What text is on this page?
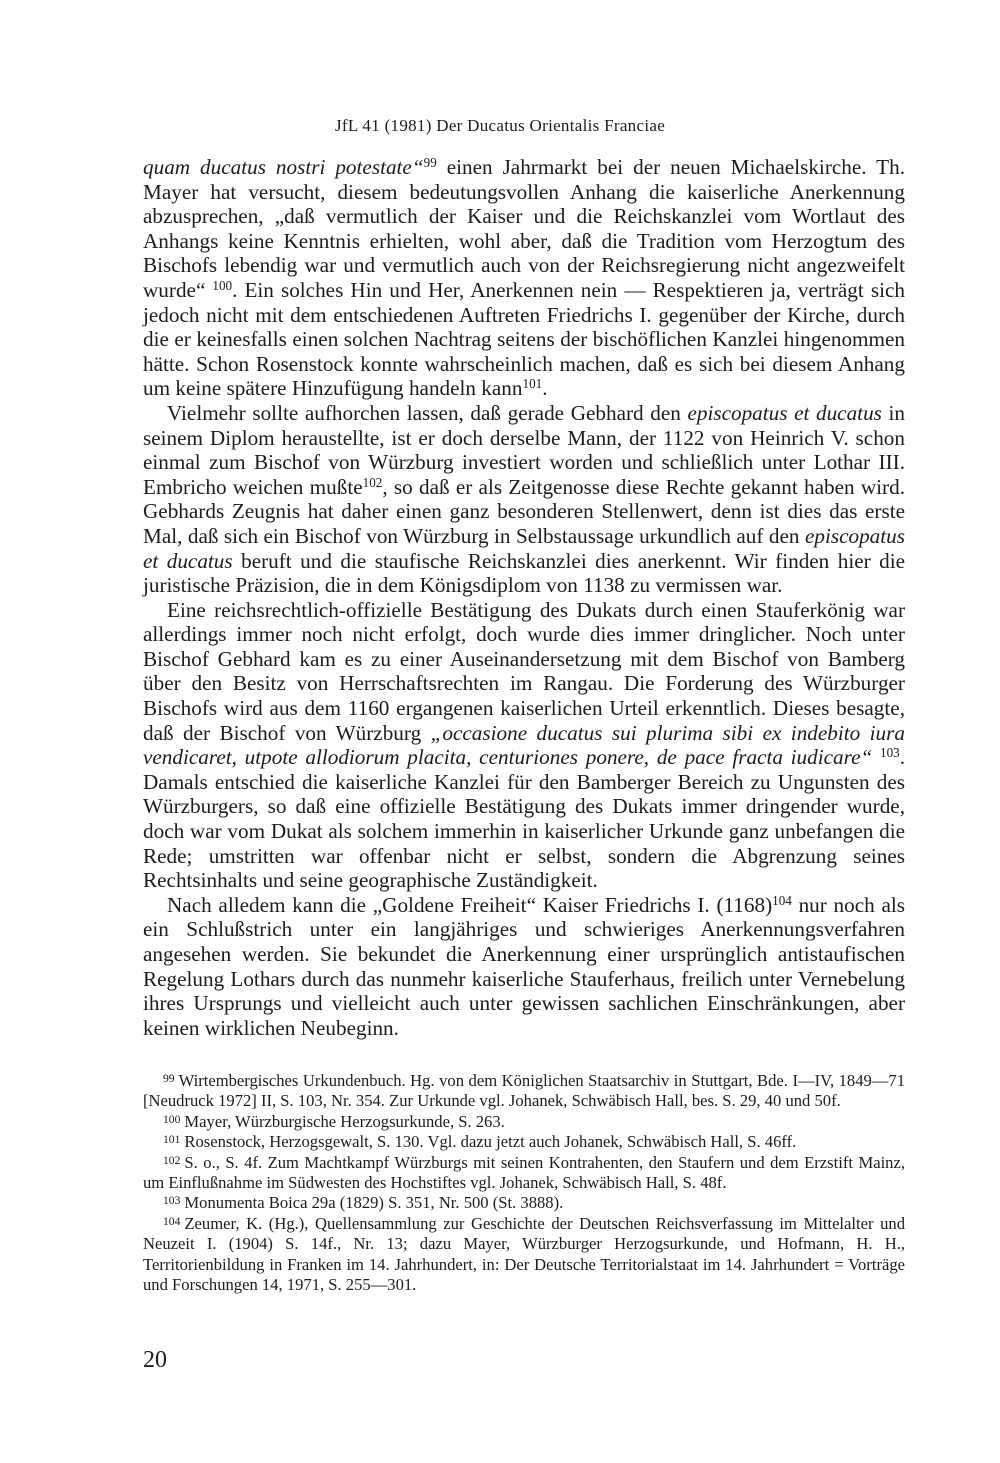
JfL 41 (1981) Der Ducatus Orientalis Franciae

quam ducatus nostri potestate“$^{99}$ einen Jahrmarkt bei der neuen Michaelskirche. Th. Mayer hat versucht, diesem bedeutungsvollen Anhang die kaiserliche Anerkennung abzusprechen, „daß vermutlich der Kaiser und die Reichskanzlei vom Wortlaut des Anhangs keine Kenntnis erhielten, wohl aber, daß die Tradition vom Herzogtum des Bischofs lebendig war und vermutlich auch von der Reichsregierung nicht angezweifelt wurde“ $^{100}$. Ein solches Hin und Her, Anerkennen nein — Respektieren ja, verträgt sich jedoch nicht mit dem entschiedenen Auftreten Friedrichs I. gegenüber der Kirche, durch die er keinesfalls einen solchen Nachtrag seitens der bischöflichen Kanzlei hingenommen hätte. Schon Rosenstock konnte wahrscheinlich machen, daß es sich bei diesem Anhang um keine spätere Hinzufügung handeln kann$^{101}$.

Vielmehr sollte aufhorchen lassen, daß gerade Gebhard den episcopatus et ducatus in seinem Diplom heraustellte, ist er doch derselbe Mann, der 1122 von Heinrich V. schon einmal zum Bischof von Würzburg investiert worden und schließlich unter Lothar III. Embricho weichen mußte$^{102}$, so daß er als Zeitgenosse diese Rechte gekannt haben wird. Gebhards Zeugnis hat daher einen ganz besonderen Stellenwert, denn ist dies das erste Mal, daß sich ein Bischof von Würzburg in Selbstaussage urkundlich auf den episcopatus et ducatus beruft und die staufische Reichskanzlei dies anerkennt. Wir finden hier die juristische Präzision, die in dem Königsdiplom von 1138 zu vermissen war.

Eine reichsrechtlich-offizielle Bestätigung des Dukats durch einen Stauferkönig war allerdings immer noch nicht erfolgt, doch wurde dies immer dringlicher. Noch unter Bischof Gebhard kam es zu einer Auseinandersetzung mit dem Bischof von Bamberg über den Besitz von Herrschaftsrechten im Rangau. Die Forderung des Würzburger Bischofs wird aus dem 1160 ergangenen kaiserlichen Urteil erkenntlich. Dieses besagte, daß der Bischof von Würzburg „occasione ducatus sui plurima sibi ex indebito iura vendicaret, utpote allodiorum placita, centuriones ponere, de pace fracta iudicare“ $^{103}$. Damals entschied die kaiserliche Kanzlei für den Bamberger Bereich zu Ungunsten des Würzburgers, so daß eine offizielle Bestätigung des Dukats immer dringender wurde, doch war vom Dukat als solchem immerhin in kaiserlicher Urkunde ganz unbefangen die Rede; umstritten war offenbar nicht er selbst, sondern die Abgrenzung seines Rechtsinhalts und seine geographische Zuständigkeit.

Nach alledem kann die „Goldene Freiheit“ Kaiser Friedrichs I. $(1168)^{104}$ nur noch als ein Schlußstrich unter ein langjähriges und schwieriges Anerkennungsverfahren angesehen werden. Sie bekundet die Anerkennung einer ursprünglich antistaufischen Regelung Lothars durch das nunmehr kaiserliche Stauferhaus, freilich unter Vernebelung ihres Ursprungs und vielleicht auch unter gewissen sachlichen Einschränkungen, aber keinen wirklichen Neubeginn.

$^{99}$ Wirtembergisches Urkundenbuch. Hg. von dem Königlichen Staatsarchiv in Stuttgart, Bde. I—IV, 1849—71 [Neudruck 1972] II, S. 103, Nr. 354. Zur Urkunde vgl. Johanek, Schwäbisch Hall, bes. S. 29, 40 und 50f.

$^{100}$ Mayer, Würzburgische Herzogsurkunde, S. 263.

$^{101}$ Rosenstock, Herzogsgewalt, S. 130. Vgl. dazu jetzt auch Johanek, Schwäbisch Hall, S. 46ff.

$^{102}$ S. o., S. 4f. Zum Machtkampf Würzburgs mit seinen Kontrahenten, den Staufern und dem Erzstift Mainz, um Einflußnahme im Südwesten des Hochstiftes vgl. Johanek, Schwäbisch Hall, S. 48f.

$^{103}$ Monumenta Boica 29a (1829) S. 351, Nr. 500 (St. 3888).

$^{104}$ Zeumer, K. (Hg.), Quellensammlung zur Geschichte der Deutschen Reichsverfassung im Mittelalter und Neuzeit I. (1904) S. 14f., Nr. 13; dazu Mayer, Würzburger Herzogsurkunde, und Hofmann, H. H., Territorienbildung in Franken im 14. Jahrhundert, in: Der Deutsche Territorialstaat im 14. Jahrhundert = Vorträge und Forschungen 14, 1971, S. 255—301.

20
